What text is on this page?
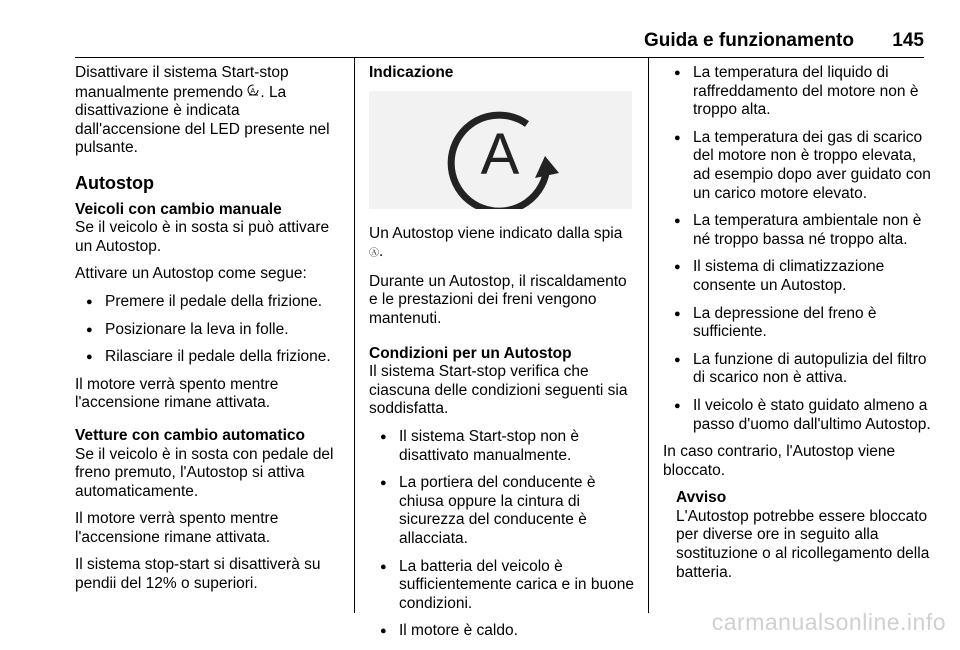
Guida e funzionamento 145

Disattivare il sistema Start-stop manualmente premendo A . La disattivazione è indicata dall'accensione del LED presente nel pulsante.

Autostop

Veicoli con cambio manuale
Se il veicolo è in sosta si può attivare un Autostop.

Attivare un Autostop come segue:

● Premere il pedale della frizione.
● Posizionare la leva in folle.
● Rilasciare il pedale della frizione.

Il motore verrà spento mentre l'accensione rimane attivata.

Vetture con cambio automatico
Se il veicolo è in sosta con pedale del freno premuto, l'Autostop si attiva automaticamente.

Il motore verrà spento mentre l'accensione rimane attivata.

Il sistema stop-start si disattiverà su pendii del 12% o superiori.

Indicazione
A

Un Autostop viene indicato dalla spia
Ⓐ.

Durante un Autostop, il riscaldamento e le prestazioni dei freni vengono mantenuti.

Condizioni per un Autostop
Il sistema Start-stop verifica che ciascuna delle condizioni seguenti sia soddisfatta.

● Il sistema Start-stop non è disattivato manualmente.
● La portiera del conducente è chiusa oppure la cintura di sicurezza del conducente è allacciata.
● La batteria del veicolo è sufficientemente carica e in buone condizioni.
● Il motore è caldo.
● La temperatura del liquido di raffreddamento del motore non è troppo alta.
● La temperatura dei gas di scarico del motore non è troppo elevata, ad esempio dopo aver guidato con un carico motore elevato.
● La temperatura ambientale non è né troppo bassa né troppo alta.
● Il sistema di climatizzazione consente un Autostop.
● La depressione del freno è sufficiente.
● La funzione di autopulizia del filtro di scarico non è attiva.
● Il veicolo è stato guidato almeno a passo d'uomo dall'ultimo Autostop.

In caso contrario, l'Autostop viene bloccato.

Avviso
L'Autostop potrebbe essere bloccato per diverse ore in seguito alla sostituzione o al ricollegamento della batteria.
carmanualsonline.info
